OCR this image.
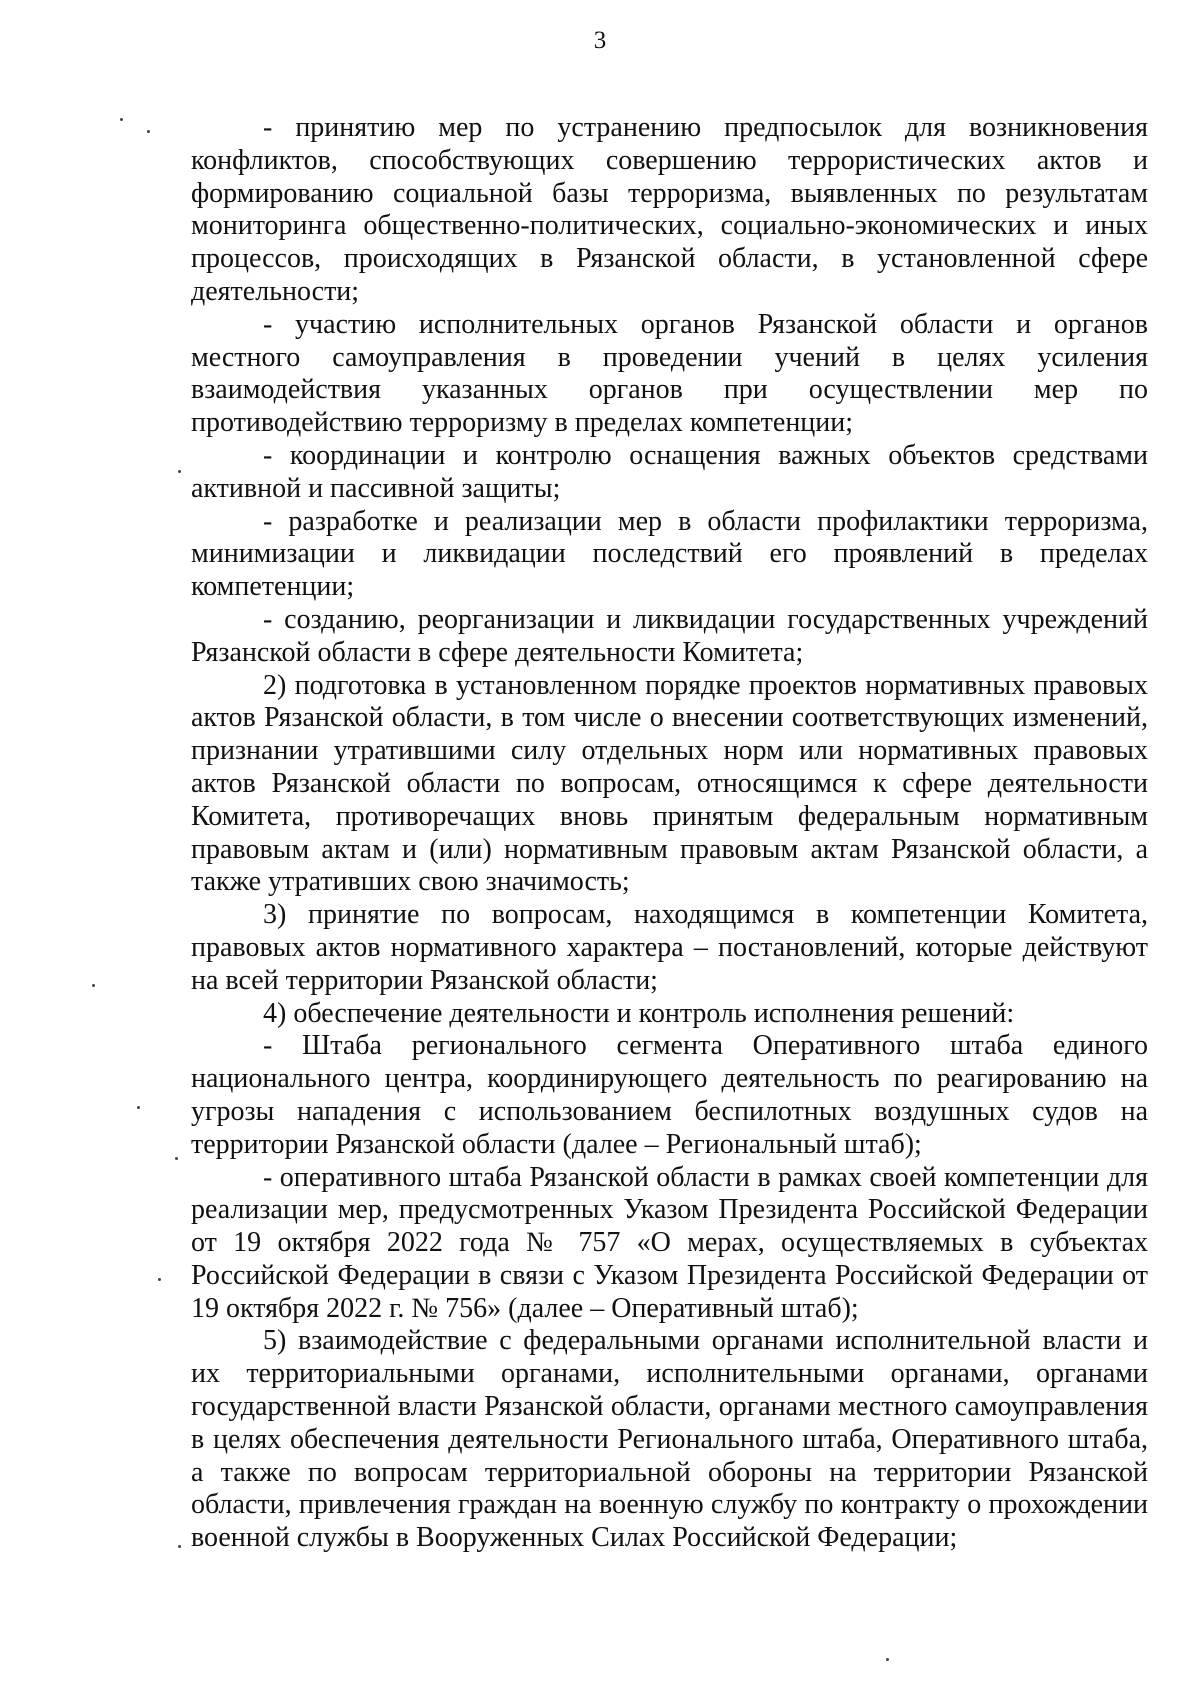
3

- принятию мер по устранению предпосылок для возникновения конфликтов, способствующих совершению террористических актов и формированию социальной базы терроризма, выявленных по результатам мониторинга общественно-политических, социально-экономических и иных процессов, происходящих в Рязанской области, в установленной сфере деятельности;

- участию исполнительных органов Рязанской области и органов местного самоуправления в проведении учений в целях усиления взаимодействия указанных органов при осуществлении мер по противодействию терроризму в пределах компетенции;

- координации и контролю оснащения важных объектов средствами активной и пассивной защиты;

- разработке и реализации мер в области профилактики терроризма, минимизации и ликвидации последствий его проявлений в пределах компетенции;

- созданию, реорганизации и ликвидации государственных учреждений Рязанской области в сфере деятельности Комитета;

2) подготовка в установленном порядке проектов нормативных правовых актов Рязанской области, в том числе о внесении соответствующих изменений, признании утратившими силу отдельных норм или нормативных правовых актов Рязанской области по вопросам, относящимся к сфере деятельности Комитета, противоречащих вновь принятым федеральным нормативным правовым актам и (или) нормативным правовым актам Рязанской области, а также утративших свою значимость;

3) принятие по вопросам, находящимся в компетенции Комитета, правовых актов нормативного характера – постановлений, которые действуют на всей территории Рязанской области;

4) обеспечение деятельности и контроль исполнения решений:

- Штаба регионального сегмента Оперативного штаба единого национального центра, координирующего деятельность по реагированию на угрозы нападения с использованием беспилотных воздушных судов на территории Рязанской области (далее – Региональный штаб);

- оперативного штаба Рязанской области в рамках своей компетенции для реализации мер, предусмотренных Указом Президента Российской Федерации от 19 октября 2022 года № 757 «О мерах, осуществляемых в субъектах Российской Федерации в связи с Указом Президента Российской Федерации от 19 октября 2022 г. № 756» (далее – Оперативный штаб);

5) взаимодействие с федеральными органами исполнительной власти и их территориальными органами, исполнительными органами, органами государственной власти Рязанской области, органами местного самоуправления в целях обеспечения деятельности Регионального штаба, Оперативного штаба, а также по вопросам территориальной обороны на территории Рязанской области, привлечения граждан на военную службу по контракту о прохождении военной службы в Вооруженных Силах Российской Федерации;
